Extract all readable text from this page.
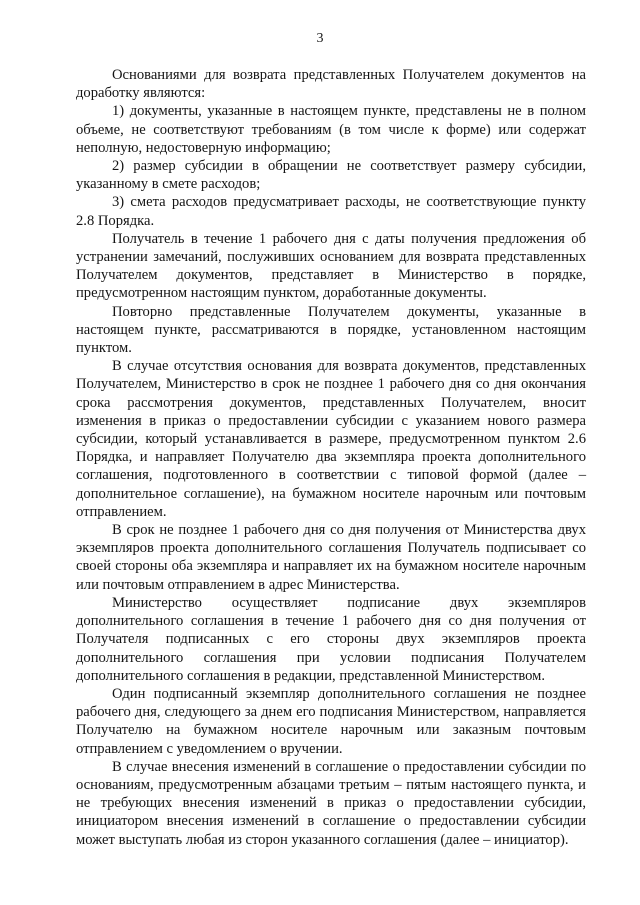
3

Основаниями для возврата представленных Получателем документов на доработку являются:

1) документы, указанные в настоящем пункте, представлены не в полном объеме, не соответствуют требованиям (в том числе к форме) или содержат неполную, недостоверную информацию;

2) размер субсидии в обращении не соответствует размеру субсидии, указанному в смете расходов;

3) смета расходов предусматривает расходы, не соответствующие пункту 2.8 Порядка.

Получатель в течение 1 рабочего дня с даты получения предложения об устранении замечаний, послуживших основанием для возврата представленных Получателем документов, представляет в Министерство в порядке, предусмотренном настоящим пунктом, доработанные документы.

Повторно представленные Получателем документы, указанные в настоящем пункте, рассматриваются в порядке, установленном настоящим пунктом.

В случае отсутствия основания для возврата документов, представленных Получателем, Министерство в срок не позднее 1 рабочего дня со дня окончания срока рассмотрения документов, представленных Получателем, вносит изменения в приказ о предоставлении субсидии с указанием нового размера субсидии, который устанавливается в размере, предусмотренном пунктом 2.6 Порядка, и направляет Получателю два экземпляра проекта дополнительного соглашения, подготовленного в соответствии с типовой формой (далее – дополнительное соглашение), на бумажном носителе нарочным или почтовым отправлением.

В срок не позднее 1 рабочего дня со дня получения от Министерства двух экземпляров проекта дополнительного соглашения Получатель подписывает со своей стороны оба экземпляра и направляет их на бумажном носителе нарочным или почтовым отправлением в адрес Министерства.

Министерство осуществляет подписание двух экземпляров дополнительного соглашения в течение 1 рабочего дня со дня получения от Получателя подписанных с его стороны двух экземпляров проекта дополнительного соглашения при условии подписания Получателем дополнительного соглашения в редакции, представленной Министерством.

Один подписанный экземпляр дополнительного соглашения не позднее рабочего дня, следующего за днем его подписания Министерством, направляется Получателю на бумажном носителе нарочным или заказным почтовым отправлением с уведомлением о вручении.

В случае внесения изменений в соглашение о предоставлении субсидии по основаниям, предусмотренным абзацами третьим – пятым настоящего пункта, и не требующих внесения изменений в приказ о предоставлении субсидии, инициатором внесения изменений в соглашение о предоставлении субсидии может выступать любая из сторон указанного соглашения (далее – инициатор).
